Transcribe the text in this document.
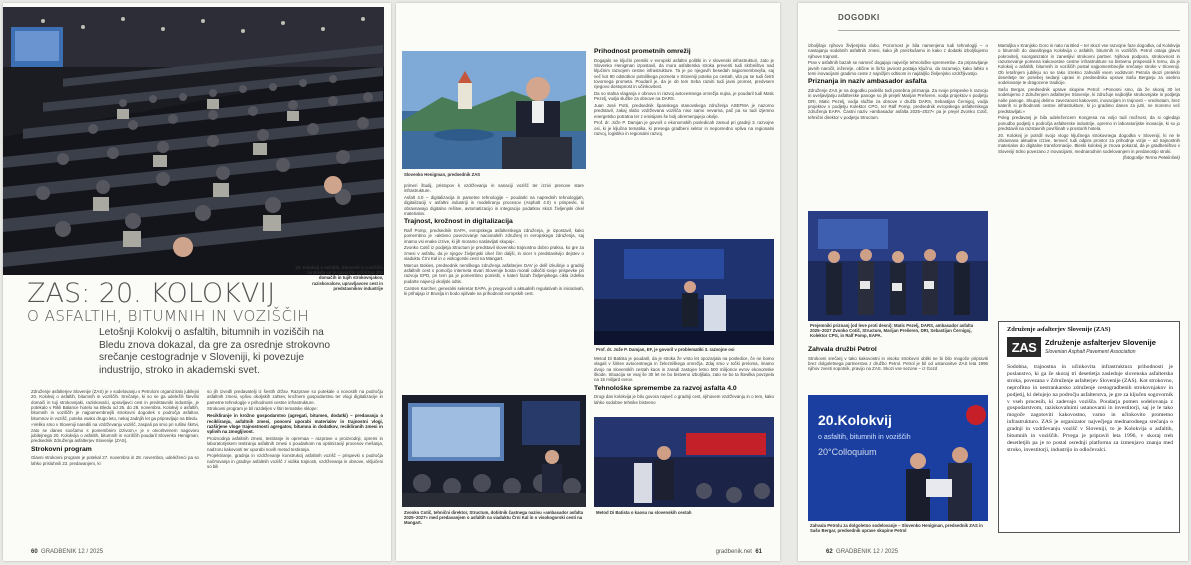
20. Kolokvij o asfaltih, bitumnih in voziščih na Bledu se je udeležilo približno 300 domačih in tujih strokovnjakov, raziskovalcev, upravljavcev cest in predstavnikov industrije
ZAS: 20. KOLOKVIJ
O ASFALTIH, BITUMNIH IN VOZIŠČIH
Letošnji Kolokvij o asfaltih, bitumnih in voziščih na Bledu znova dokazal, da gre za osrednje strokovno srečanje cestogradnje v Sloveniji, ki povezuje industrijo, stroko in akademski svet.

Združenje asfalterjev Slovenije (ZAS) je v sodelovanju s Petrolom organiziralo jubilejni 20. Kolokvij o asfaltih, bitumnih in voziščih. Srečanje, ki so se ga udeležili številni domači in tuji strokovnjaki, raziskovalci, upravljavci cest in predstavniki industrije, je potekalo v Rikli Balance hotelu na Bledu od 26. do 28. novembra. Kolokvij o asfaltih, bitumnih in voziščih je najpomembnejši strokovni dogodek s področja asfaltov, bitumnov in vozišč, poteka vsako drugo leto, nekaj zadnjih let ga pripravljajo na Bledu.

»Veliko smo v Sloveniji naredili na vzdrževanju vozišč, zaspali pa smo pri rušitvi škrtvi, zato se danes soočamo s pomembnim izzivom,« je v otvoritvenem nagovoru jubilejnega 20. Kolokvija o asfaltih, bitumnih in voziščih poudaril Slovenko Henigman, predsednik Združenja asfalterjev Slovenije (ZAS).

Strokovni program

Glavni strokovni program je potekal 27. novembra in 28. novembra, udeleženci pa so lahko prisluhnili 23. predavanjem, ki

so jih izvedli predavatelji iz šestih držav. Razprave so potekale o novostih na področju asfaltnih zmesi, vplivu okoljskih zahtev, krožnem gospodarstvu ter vlogi digitalizacije in pametne tehnologije v prihodnosti cestne infrastrukture.

Strokovni program je bil razdeljen v štiri tematske sklope:

Recikliranje in krožno gospodarstvo (agregati, bitumen, dodatki) – predavanja o recikliranju, asfaltnih zmesi, ponovni uporabi materialov in trajnostni vlogi, razširjene vloge trajnostnosti agregatov, bitumna in dodatkov, recikliranih zmesi in vplivih na zmogljivost.

Proizvodnja asfaltnih zmesi, testiranje in opremaa – razprave o proizvodnji, opremi in laboratorijskem testiranju asfaltnih zmesi s poudarkom na optimizaciji procesov mešanja, nadzoru kakovosti ter uporabi novih metod testiranja.

Projektiranje, gradnja in vzdrževanje konstrukcij asfaltnih vozišč – prispevki s področja načrtovanja in gradnje asfaltnih vozišč z vidika trajnosti, vzdrževanja in obnove, vključeni so bili

60 GRADBENIK 12 / 2025
Slovenko Henigman, predsednik ZAS

primeri študij, pristopov k vzdrževanju in sanaciji vozišč ter izzivi prenove stare infrastrukture.

Asfalt 4.0 – digitalizacija in pametne tehnologije – poudarki na naprednih tehnologijah, digitalizaciji v asfaltni industriji in modeliranju procesov (Asphalt 4.0) s prispevki, ki obravnavajo digitalno rešitve, avtomatizacijo in integracijo podatkov skozi življenjski cikel materialov.

Trajnost, krožnost in digitalizacija

Ralf Pomp, predsednik EAPA, evropskega asfalterskega združenja, je izpostavil, kako pomembno je »aktivno povezovanje nacionalnih združenj in evropskega združenja, saj imamo vsi enake izzive, ki jih moramo naslavljati skupaj«.

Zvonko Cotič iz podjetja Structum je predstavil slovensko trajnostno dobro prakso, ko gre za zmesi v asfaltu, da je njegov življenjski cikel čim daljši, in sicer s predstavitvijo dejstev o viaduktu Črni Kal in o viskogorski cesti na Mangart.

Marcus Bokies, predsednik nemškega združenja asfalterjev DAV je delil izkušnje o gradnji asfaltnih cest s pomočjo interneta stvari Slovenije bosta morali odločiti svoje prispevke pri razvoju EPD, pri tem pa je pomembno pomislit, v kateri fazah življenjskega cikla izdelka pudarte najvecji okoljski odtis.

Carsten Karcher, generalni sekretar EAPA, je pregovoril o aktualnih regulativah in iniciativah, ki prihajajo iz Bruslja in bodo vplivale na prihodnost evropskih cest.

Zvonko Cotič, tehnični direktor, Structum, dobitnik častnega nazivu »ambasador asfalta 2025–2027« med predavanjem o asfaltih na viaduktu Črni Kal in o visokogorski cesti na Mangart.
Prihodnost prometnih omrežij

Dogajalo se ključni premiki v evropski asfaltni politiki in v slovenski infrastrukturi, zato je Slovenko Henigman izpostavil, da mora asfalterska stroka preveriti tudi skrbništvo nad ključnim razvojem cestne infrastrukture. Ta je po njegovih besedah najpomembnejša, saj več kot 90 odstotkov potniškega prometa v Sloveniji poteka po cestah, vila pa se tudi četrti tovornega prometa. Poudaril je, da je ob tem treba razviti tudi javni promet, predvsem njegovo dostopnost in učinkovitost.

Da so stalna vlaganja v obnovo in razvoj avtocestnega omrežja nujna, je poudaril tudi Matic Pezelj, vodja službe za obnove na DARS.

Juan José Potti, predsednik španskega stanovskega združenja ASEFMA je nazorno predstavil, zakaj slabo vzdrževana vozišča niso samo nevarna, pač pa so tudi izjemno energetsko potratna ter z emisijami še bolj obremenjujejo okolje.

Prof. dr. Jože P. Damjan je govoril o ekonomskih posledicah zamud pri gradnji 3. razvojne osi, ki je ključna tematika, ki presega gradbeni sektor in neposredno vpliva na regionalni razvoj, logistiko in regionalni razvoj.

Prof. dr. Jože P. Damjan, EF, je govoril v problematiki 3. razvojne osi

Metod Di Batista je poudaril, da je stroka že vrsto let opozarjala na posledice, če ne bomo vlagali v širitev avtocestnega in železniškega omrežja. Zdaj smo v točki preloma, imamo dvojo na slovenskih cestah kaos in zaradi zastojev letno 500 milijonov evrov ekonomske škode. Situacija se vsaj še 30 let ne bo bistveno izboljšala, zato se bo ta številka povzpela na 15 milijard evrov.

Tehnološke spremembe za razvoj asfalta 4.0

Drugi dan kolokvija je bilo govora največ o gradnji cest, njihovem vzdrževanju in o tem, kako lahko sodobne tehnike bistveno

Metod Di Batista o kaosu na slovenskih cestah
gradbenik.net 61
DOGODKI

izboljšajo njihovo življenjsko dobo. Pozornost je bila namenjena tudi tehnologiji – o nastajanju sodobnih asfaltnih zmesi, kako jih preizkušamo in kako z dodatki izboljšujemo njihove trajnost.

Prav v asfaltnih bazah se namreč dogajajo največje tehnološke spremembe. Za pripravljanje javnih naročil, inženirje, občine in širšo javnost postaja ključno, da razumejo, kako lahko s temi inovacijami gradimo ceste z najnižjim odtisom in najdaljšo življenjsko vzdržljivostjo.

Priznanja in naziv ambasador asfalta

Združenje ZAS je na dogodku podelilo tudi posebna priznanja. Za svoje prispevke k razvoju in uveljavljanju asfalterske panoge so jih prejeli Marijan Prešeren, vodja projektov v podjetju DRI, Matic Pezelj, vodja službe za obnove v družbi DARS, Sebastijan Černigoj, vodja projektov v podjetju Kolektor CPG, ter Ralf Pomp, predsednik evropskega asfalterskega združenja EAPA. Častni naziv »ambasador asfalta 2025–2027« pa je prejel Zvonko Cotič, tehnični direktor v podjetju Structum.

Prejemniki priznanj (od leve proti desni): Matic Pezelj, DARS, ambasador asfalta 2025–2027 Zvonko Cotič, Structum, Marijan Prešeren, DRI, Sebastijan Černigoj, Kolektor CPG, in Ralf Pomp, EAPA.
Zahvala družbi Petrol

Strokovni srečanj v tako kakovostni in visoko strokovni obliki ne bi bilo mogoče pripraviti brez dolgoletnega partnerstva z družbo Petrol. Petrol je bil od ustanovitve ZAS leta 1996 njihov zvesti sopotnik, pravijo na ZAS. Skozi vse sezone – iz Gozd

20.Kolokvij
o asfaltih, bitumnih in voziščih
20°Colloquium
Zahvala Petrolu za dolgoletno sodelovanje – Slovenko Henigman, predsednik ZAS in Sašo Bergar, predsednik uprave skupine Petrol

Martuljka v Kranjsko Goro in nato na Bled – ter skozi vse razvojne faze dogodka, od Kolokvija o bitumnih do današnjega Kolokvija o asfaltih, bitumnih in voziščih. Petrol ostaja glavni pokrovitelj, soorganizator in zanesljivi strokovni partner. Njihova podpora, strokovnost in razumevanje pomena kakovostne cestne infrastrukture so bistveno prispevali k temu, da je Kolokvij o asfaltih, bitumnih in voziščih postal najpomembnejše srečanje stroke v Sloveniji. Ob letošnjem jubileju so se tako izrekno zahvalili vsem vodstvom Petrola skozi preteklo desetletje ter posebej sedanji upravi in predsedniku uprave Sašu Bergarju za osebno sodelovanje te dragocene tradicije.

Sašo Bergar, predsednik uprave skupine Petrol: »Ponosni smo, da že skoraj 30 let sodelujemo z Združenjem asfalterjev Slovenije, ki združuje najboljše strokovnjake in podjetja naše panoge. Skupaj delimo zavezanost kakovosti, inovacijam in trajnosti – vrednotam, brez katerih si prihodnosti cestne infrastrukture, ki jo gradimo danes za jutri, ne moremo več predstavljati.«

Poleg predavanj je bila udeležencem Kongresa na voljo tudi možnost, da si ogledajo ponudbo podjetij s področja asfalterske industrije, opremo in laboratorijske inovacije, ki so jo predstavili na razstavnih površinah v prostorih hotela.

20. Kolokvij je potrdil svojo vlogo ključnega strokovnega dogodka v Sloveniji, ki ne le obravnava aktualne izzive, temveč tudi odpira prostor za prihodnje vizije – od trajnostnih materialov do digitalne transformacije. Bleski kolokvij je znova pokazal, da je gradbeništvo v Sloveniji trdno povezano z inovacijami, mednarodnim sodelovanjem in predanostjo stroki.

(fotografije Termo Petelinšek)

Združenje asfalterjev Slovenije (ZAS)
ZAS	Združenje asfalterjev Slovenije
Slovenian Asphalt Pavement Association
Sodobna, trajnostna in učinkovita infrastruktura prihodnosti je poslanstvo, ki ga že skoraj tri desetletja zasleduje slovenska asfalterska stroka, povezana v Združenje asfalterjev Slovenije (ZAS). Kot strokovno, neprofitno in nestrankarsko združenje cestogradbenih strokovnjakov in podjetij, ki delujejo na področju asfalterstva, je gre za ključen sogovornik v vseh procesih, ki zadevajo vozišča. Poudarja pomen sodelovanja z gospodarstvom, raziskovalnimi ustanovami in investitorji, saj je le tako mogoče zagotoviti kakovostno, varno in učinkovito prometno infrastrukturo. ZAS je organizator največjega mednarodnega srečanja o gradnji in vzdrževanju vozišč v Sloveniji, to je Kolokvija o asfaltih, bitumnih in voziščih. Prvega je pripravil leta 1996, v skoraj treh desetletjih pa je to postal osrednji platforma za izmenjavo znanja med stroko, investitorji, industrijo in odločevalci.
62 GRADBENIK 12 / 2025
